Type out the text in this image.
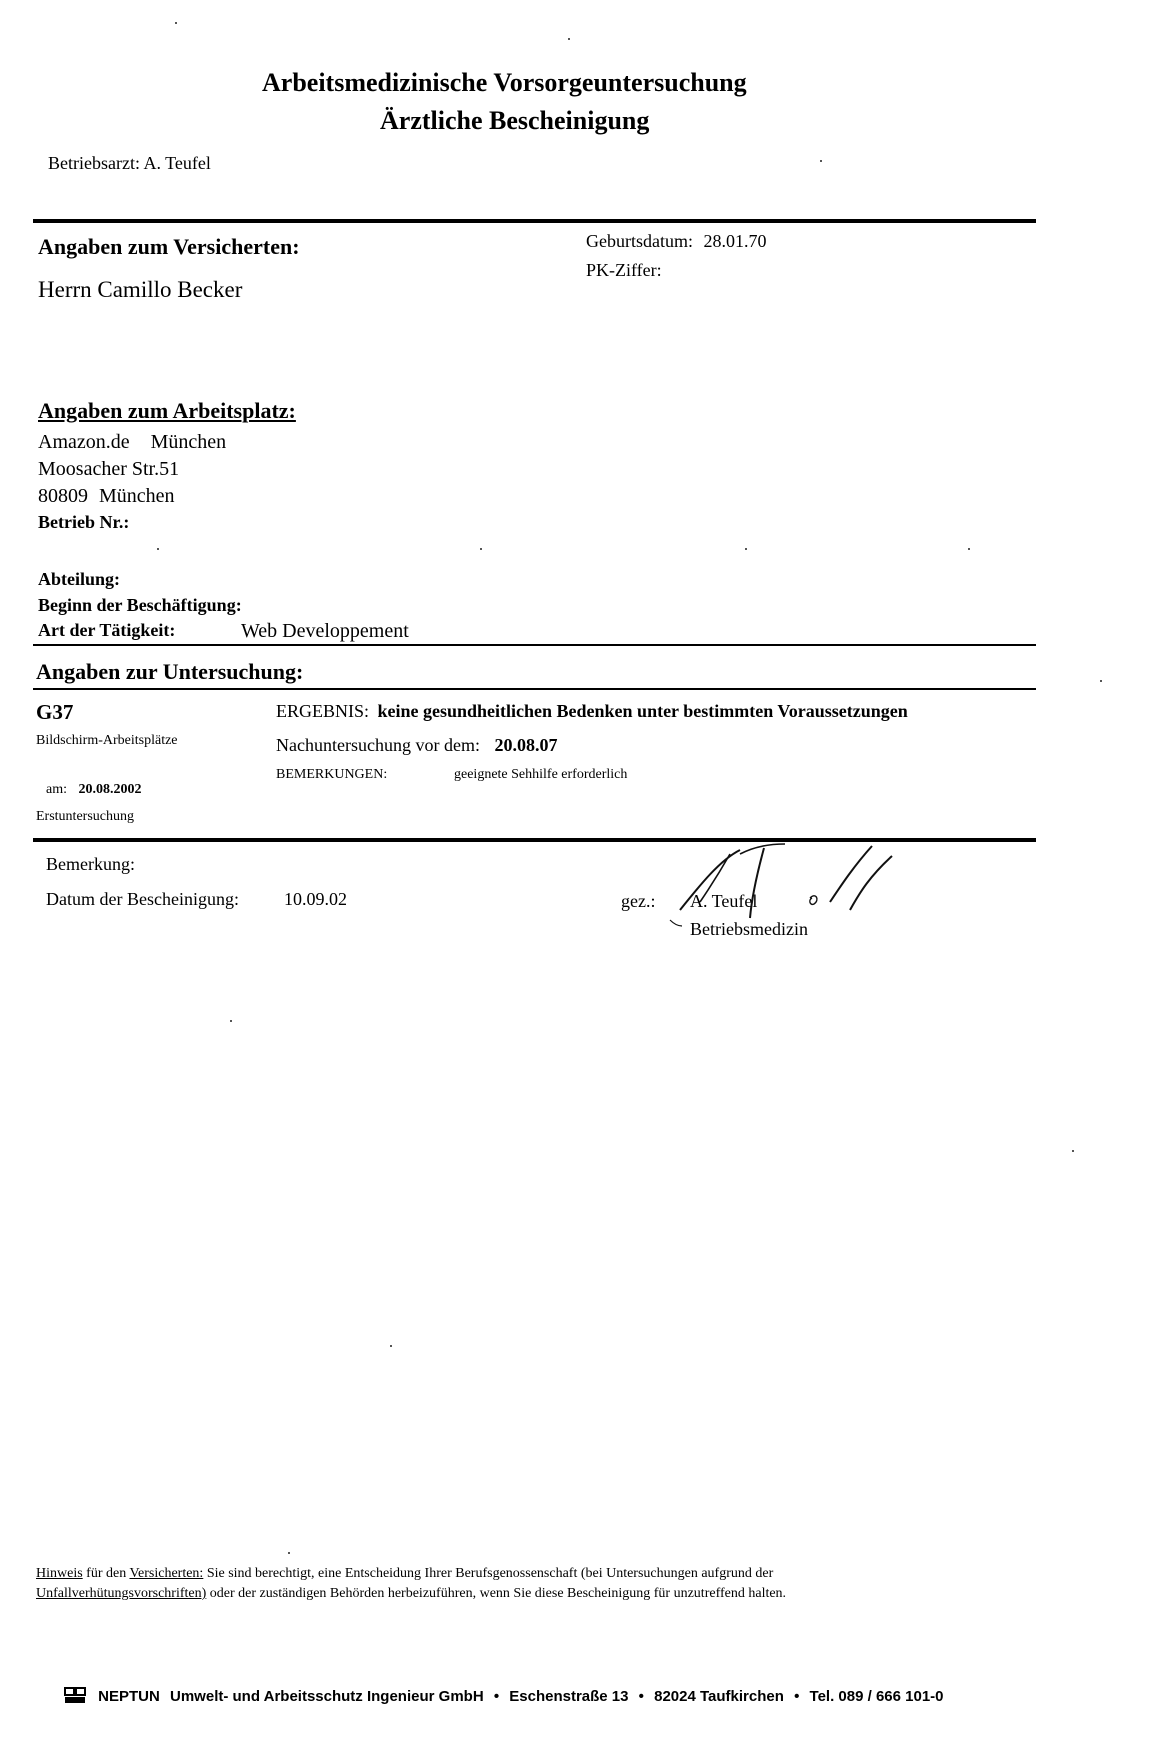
Arbeitsmedizinische Vorsorgeuntersuchung
Ärztliche Bescheinigung
Betriebsarzt: A. Teufel
Angaben zum Versicherten:
Herrn Camillo Becker
Geburtsdatum: 28.01.70
PK-Ziffer:
Angaben zum Arbeitsplatz:
Amazon.de München
Moosacher Str.51
80809 München
Betrieb Nr.:
Abteilung:
Beginn der Beschäftigung:
Art der Tätigkeit:	Web Developpement
Angaben zur Untersuchung:
G37
Bildschirm-Arbeitsplätze
am: 20.08.2002
Erstuntersuchung
ERGEBNIS: keine gesundheitlichen Bedenken unter bestimmten Voraussetzungen
Nachuntersuchung vor dem: 20.08.07
BEMERKUNGEN:	geeignete Sehhilfe erforderlich
Bemerkung:
Datum der Bescheinigung:	10.09.02	gez.: A. Teufel
Betriebsmedizin
Hinweis für den Versicherten: Sie sind berechtigt, eine Entscheidung Ihrer Berufsgenossenschaft (bei Untersuchungen aufgrund der
Unfallverhütungsvorschriften) oder der zuständigen Behörden herbeizuführen, wenn Sie diese Bescheinigung für unzutreffend halten.
NEPTUN Umwelt- und Arbeitsschutz Ingenieur GmbH • Eschenstraße 13 • 82024 Taufkirchen • Tel. 089 / 666 101-0
